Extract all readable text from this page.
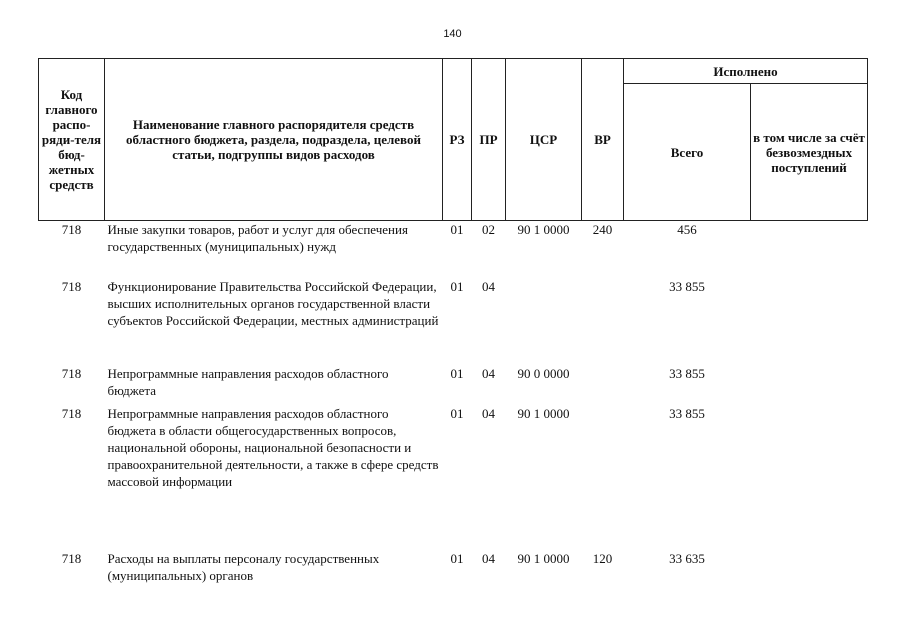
140
Код главного распо-ряди-теля бюд-жетных средств	Наименование главного распорядителя средств областного бюджета, раздела, подраздела, целевой статьи, подгруппы видов расходов	РЗ	ПР	ЦСР	ВР	Исполнено	
						Всего	в том числе за счёт безвозмездных поступлений
718	Иные закупки товаров, работ и услуг для обеспечения государственных (муниципальных) нужд	01	02	90 1 0000	240	456	
718	Функционирование Правительства Российской Федерации, высших исполнительных органов государственной власти субъектов Российской Федерации, местных администраций	01	04			33 855	
718	Непрограммные направления расходов областного бюджета	01	04	90 0 0000		33 855	
718	Непрограммные направления расходов областного бюджета в области общегосударственных вопросов, национальной обороны, национальной безопасности и правоохранительной деятельности, а также в сфере средств массовой информации	01	04	90 1 0000		33 855	
718	Расходы на выплаты персоналу государственных (муниципальных) органов	01	04	90 1 0000	120	33 635	
